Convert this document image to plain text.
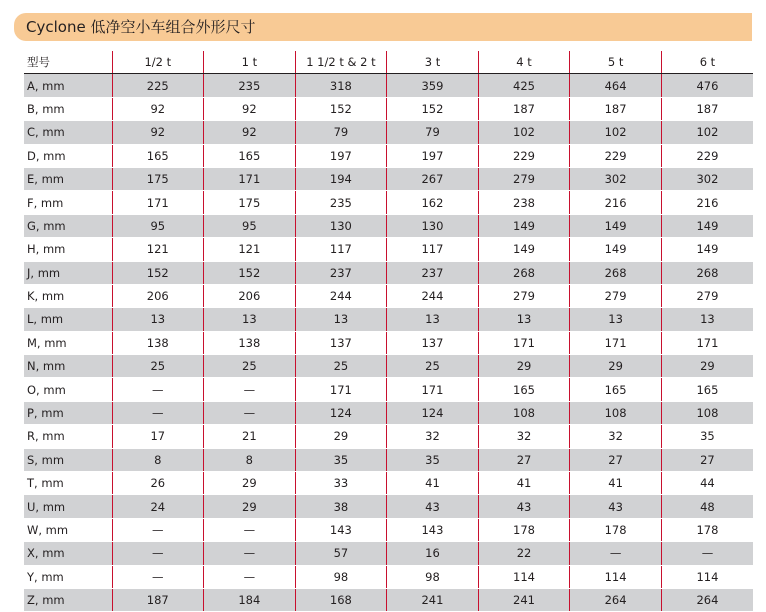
Cyclone 低净空小车组合外形尺寸
型号	1/2 t	1 t	1 1/2 t & 2 t	3 t	4 t	5 t	6 t
A, mm	225	235	318	359	425	464	476
B, mm	92	92	152	152	187	187	187
C, mm	92	92	79	79	102	102	102
D, mm	165	165	197	197	229	229	229
E, mm	175	171	194	267	279	302	302
F, mm	171	175	235	162	238	216	216
G, mm	95	95	130	130	149	149	149
H, mm	121	121	117	117	149	149	149
J, mm	152	152	237	237	268	268	268
K, mm	206	206	244	244	279	279	279
L, mm	13	13	13	13	13	13	13
M, mm	138	138	137	137	171	171	171
N, mm	25	25	25	25	29	29	29
O, mm	—	—	171	171	165	165	165
P, mm	—	—	124	124	108	108	108
R, mm	17	21	29	32	32	32	35
S, mm	8	8	35	35	27	27	27
T, mm	26	29	33	41	41	41	44
U, mm	24	29	38	43	43	43	48
W, mm	—	—	143	143	178	178	178
X, mm	—	—	57	16	22	—	—
Y, mm	—	—	98	98	114	114	114
Z, mm	187	184	168	241	241	264	264
